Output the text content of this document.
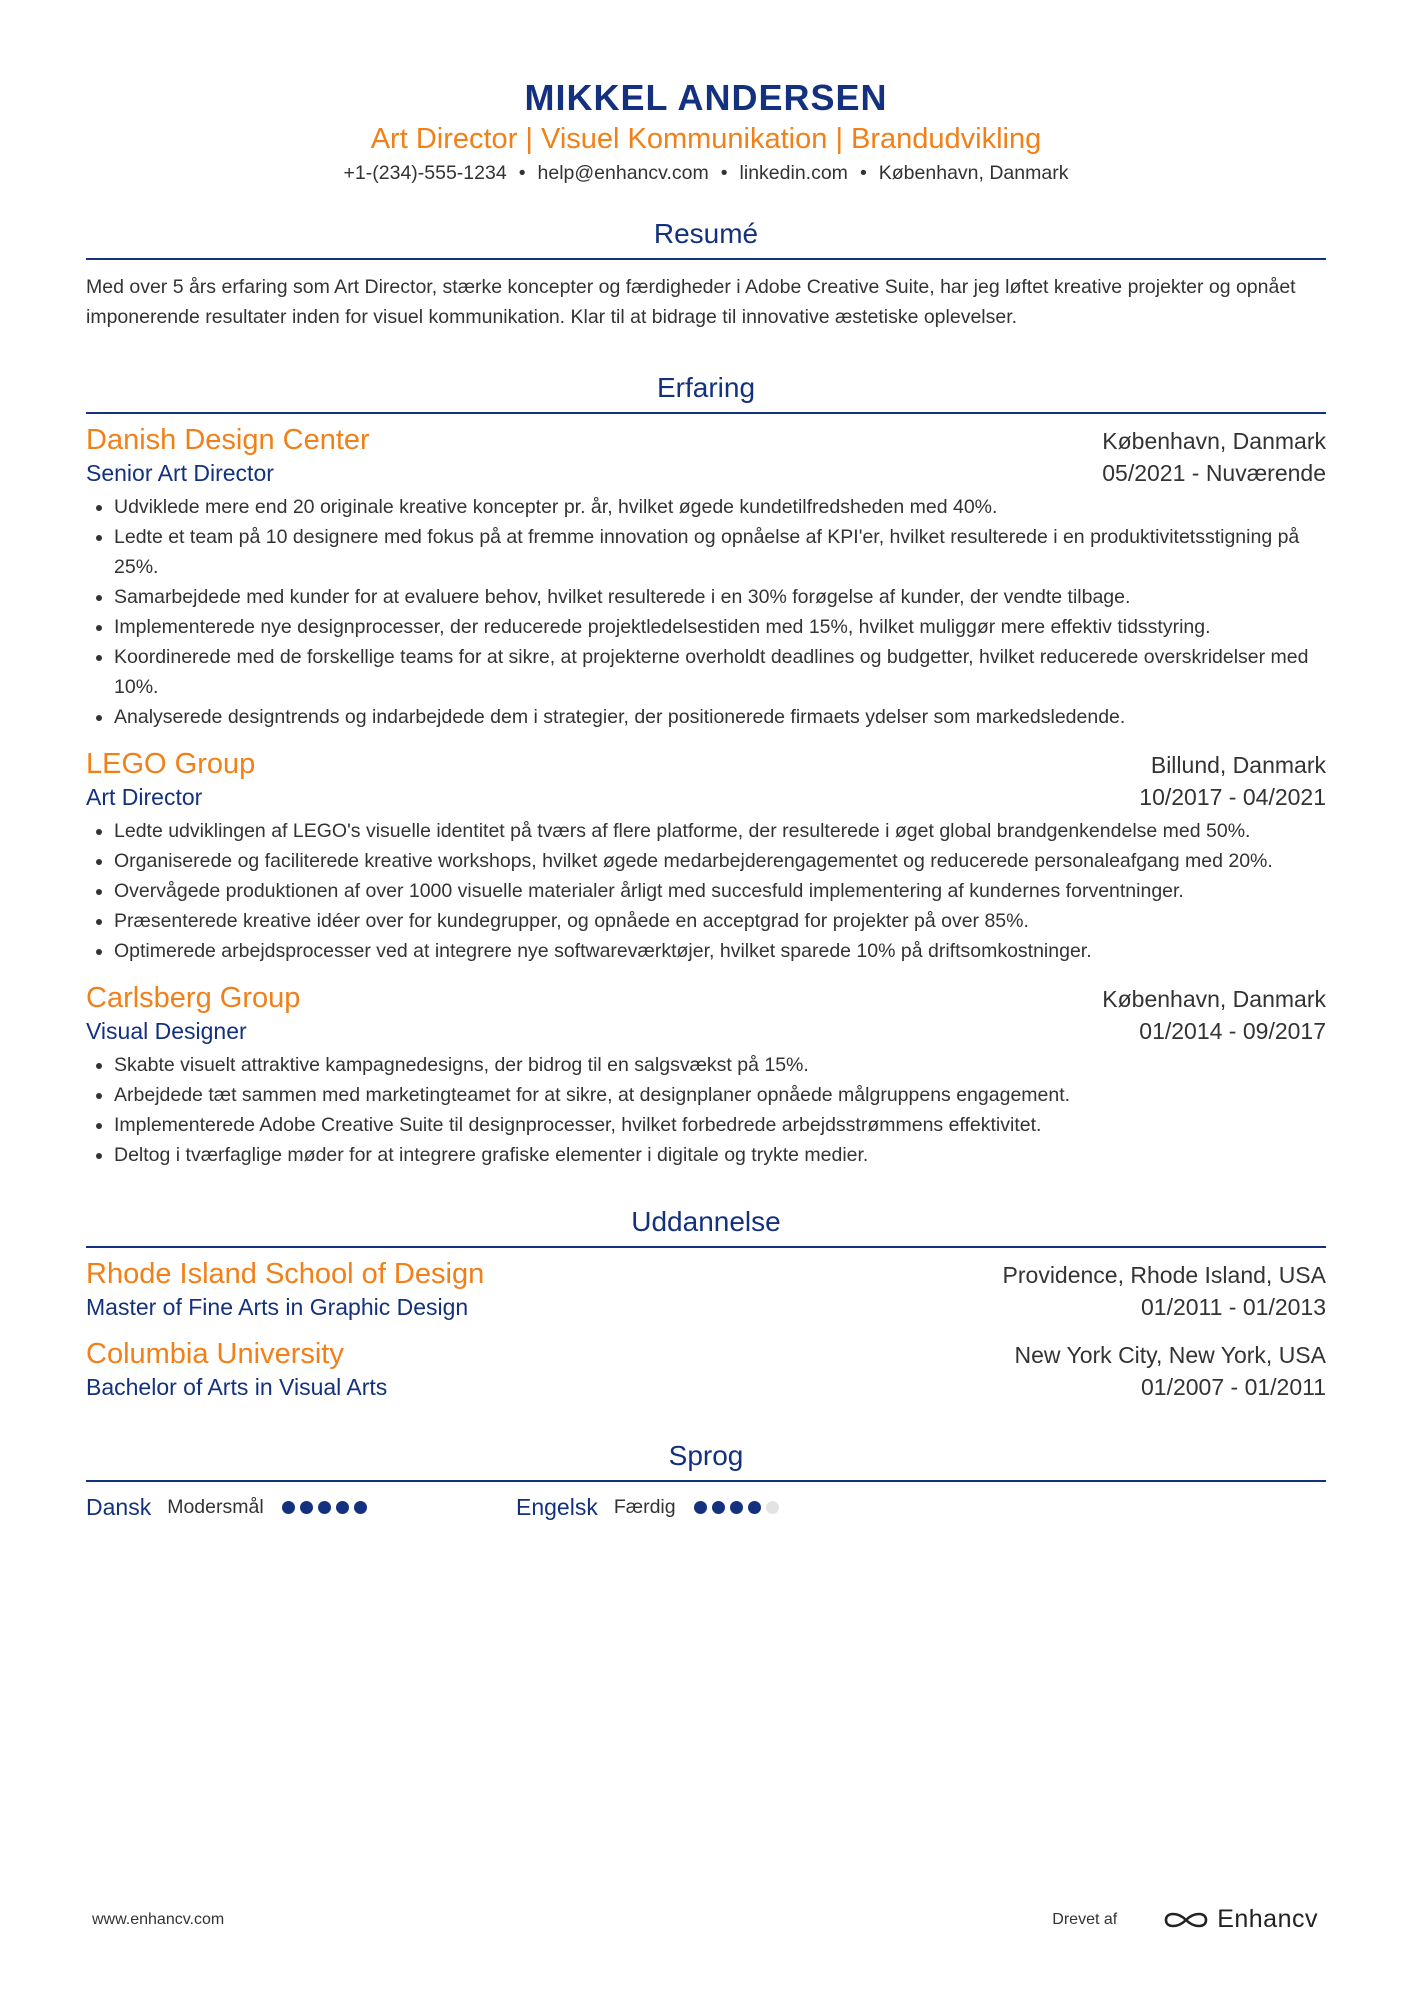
MIKKEL ANDERSEN
Art Director | Visuel Kommunikation | Brandudvikling
+1-(234)-555-1234 • help@enhancv.com • linkedin.com • København, Danmark
Resumé

Med over 5 års erfaring som Art Director, stærke koncepter og færdigheder i Adobe Creative Suite, har jeg løftet kreative projekter og opnået imponerende resultater inden for visuel kommunikation. Klar til at bidrage til innovative æstetiske oplevelser.

Erfaring
Danish Design Center	København, Danmark
Senior Art Director	05/2021 - Nuværende
Udviklede mere end 20 originale kreative koncepter pr. år, hvilket øgede kundetilfredsheden med 40%.
Ledte et team på 10 designere med fokus på at fremme innovation og opnåelse af KPI'er, hvilket resulterede i en produktivitetsstigning på 25%.
Samarbejdede med kunder for at evaluere behov, hvilket resulterede i en 30% forøgelse af kunder, der vendte tilbage.
Implementerede nye designprocesser, der reducerede projektledelsestiden med 15%, hvilket muliggør mere effektiv tidsstyring.
Koordinerede med de forskellige teams for at sikre, at projekterne overholdt deadlines og budgetter, hvilket reducerede overskridelser med 10%.
Analyserede designtrends og indarbejdede dem i strategier, der positionerede firmaets ydelser som markedsledende.
LEGO Group	Billund, Danmark
Art Director	10/2017 - 04/2021
Ledte udviklingen af LEGO's visuelle identitet på tværs af flere platforme, der resulterede i øget global brandgenkendelse med 50%.
Organiserede og faciliterede kreative workshops, hvilket øgede medarbejderengagementet og reducerede personaleafgang med 20%.
Overvågede produktionen af over 1000 visuelle materialer årligt med succesfuld implementering af kundernes forventninger.
Præsenterede kreative idéer over for kundegrupper, og opnåede en acceptgrad for projekter på over 85%.
Optimerede arbejdsprocesser ved at integrere nye softwareværktøjer, hvilket sparede 10% på driftsomkostninger.
Carlsberg Group	København, Danmark
Visual Designer	01/2014 - 09/2017
Skabte visuelt attraktive kampagnedesigns, der bidrog til en salgsvækst på 15%.
Arbejdede tæt sammen med marketingteamet for at sikre, at designplaner opnåede målgruppens engagement.
Implementerede Adobe Creative Suite til designprocesser, hvilket forbedrede arbejdsstrømmens effektivitet.
Deltog i tværfaglige møder for at integrere grafiske elementer i digitale og trykte medier.
Uddannelse
Rhode Island School of Design	Providence, Rhode Island, USA
Master of Fine Arts in Graphic Design	01/2011 - 01/2013
Columbia University	New York City, New York, USA
Bachelor of Arts in Visual Arts	01/2007 - 01/2011
Sprog
Dansk Modersmål	Engelsk Færdig
www.enhancv.com	Drevet af	Enhancv
